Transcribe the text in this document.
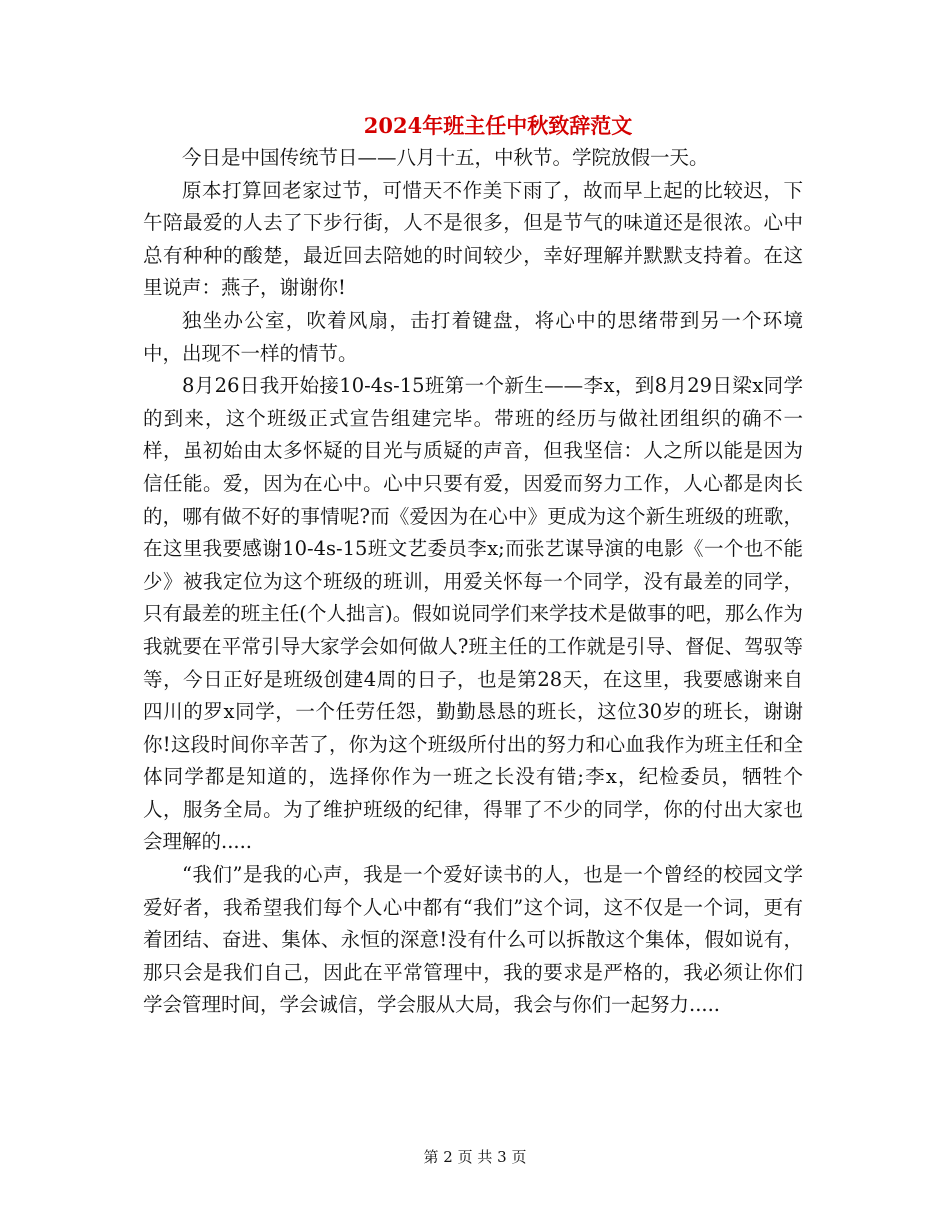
2024年班主任中秋致辞范文

今日是中国传统节日——八月十五，中秋节。学院放假一天。

原本打算回老家过节，可惜天不作美下雨了，故而早上起的比较迟，下午陪最爱的人去了下步行街，人不是很多，但是节气的味道还是很浓。心中总有种种的酸楚，最近回去陪她的时间较少，幸好理解并默默支持着。在这里说声：燕子，谢谢你!

独坐办公室，吹着风扇，击打着键盘，将心中的思绪带到另一个环境中，出现不一样的情节。

8月26日我开始接10-4s-15班第一个新生——李x，到8月29日梁x同学的到来，这个班级正式宣告组建完毕。带班的经历与做社团组织的确不一样，虽初始由太多怀疑的目光与质疑的声音，但我坚信：人之所以能是因为信任能。爱，因为在心中。心中只要有爱，因爱而努力工作，人心都是肉长的，哪有做不好的事情呢?而《爱因为在心中》更成为这个新生班级的班歌，在这里我要感谢10-4s-15班文艺委员李x;而张艺谋导演的电影《一个也不能少》被我定位为这个班级的班训，用爱关怀每一个同学，没有最差的同学，只有最差的班主任(个人拙言)。假如说同学们来学技术是做事的吧，那么作为我就要在平常引导大家学会如何做人?班主任的工作就是引导、督促、驾驭等等，今日正好是班级创建4周的日子，也是第28天，在这里，我要感谢来自四川的罗x同学，一个任劳任怨，勤勤恳恳的班长，这位30岁的班长，谢谢你!这段时间你辛苦了，你为这个班级所付出的努力和心血我作为班主任和全体同学都是知道的，选择你作为一班之长没有错;李x，纪检委员，牺牲个人，服务全局。为了维护班级的纪律，得罪了不少的同学，你的付出大家也会理解的.....

“我们”是我的心声，我是一个爱好读书的人，也是一个曾经的校园文学爱好者，我希望我们每个人心中都有“我们”这个词，这不仅是一个词，更有着团结、奋进、集体、永恒的深意!没有什么可以拆散这个集体，假如说有，那只会是我们自己，因此在平常管理中，我的要求是严格的，我必须让你们学会管理时间，学会诚信，学会服从大局，我会与你们一起努力.....

第 2 页 共 3 页
